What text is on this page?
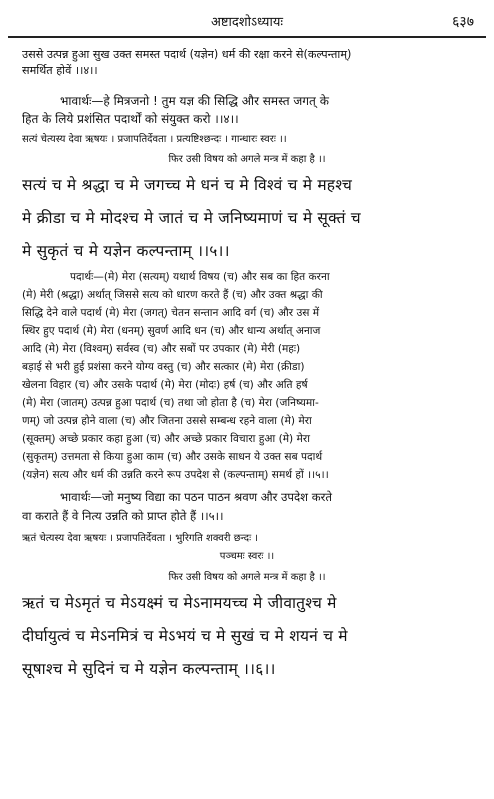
अष्टादशोऽध्यायः	६३७
उससे उत्पन्न हुआ सुख उक्त समस्त पदार्थ (यज्ञेन) धर्म की रक्षा करने से(कल्पन्ताम्)
समर्थित होवें ।।४।।
भावार्थः—हे मित्रजनो ! तुम यज्ञ की सिद्धि और समस्त जगत् के
हित के लिये प्रशंसित पदार्थों को संयुक्त करो ।।४।।
सत्यं चेत्यस्य देवा ऋषयः । प्रजापतिर्देवता । प्रत्यष्टिश्छन्दः । गान्धारः स्वरः ।।
फिर उसी विषय को अगले मन्त्र में कहा है ।।
सत्यं च मे श्रद्धा च मे जगच्च मे धनं च मे विश्वं च मे महश्च
मे क्रीडा च मे मोदश्च मे जातं च मे जनिष्यमाणं च मे सूक्तं च
मे सुकृतं च मे यज्ञेन कल्पन्ताम् ।।५।।
पदार्थः—(मे) मेरा (सत्यम्) यथार्थ विषय (च) और सब का हित करना
(मे) मेरी (श्रद्धा) अर्थात् जिससे सत्य को धारण करते हैं (च) और उक्त श्रद्धा की
सिद्धि देने वाले पदार्थ (मे) मेरा (जगत्) चेतन सन्तान आदि वर्ग (च) और उस में
स्थिर हुए पदार्थ (मे) मेरा (धनम्) सुवर्ण आदि धन (च) और धान्य अर्थात् अनाज
आदि (मे) मेरा (विश्वम्) सर्वस्व (च) और सबों पर उपकार (मे) मेरी (महः)
बड़ाई से भरी हुई प्रशंसा करने योग्य वस्तु (च) और सत्कार (मे) मेरा (क्रीडा)
खेलना विहार (च) और उसके पदार्थ (मे) मेरा (मोदः) हर्ष (च) और अति हर्ष
(मे) मेरा (जातम्) उत्पन्न हुआ पदार्थ (च) तथा जो होता है (च) मेरा (जनिष्यमा-
णम्) जो उत्पन्न होने वाला (च) और जितना उससे सम्बन्ध रहने वाला (मे) मेरा
(सूक्तम्) अच्छे प्रकार कहा हुआ (च) और अच्छे प्रकार विचारा हुआ (मे) मेरा
(सुकृतम्) उत्तमता से किया हुआ काम (च) और उसके साधन ये उक्त सब पदार्थ
(यज्ञेन) सत्य और धर्म की उन्नति करने रूप उपदेश से (कल्पन्ताम्) समर्थ हों ।।५।।
भावार्थः—जो मनुष्य विद्या का पठन पाठन श्रवण और उपदेश करते
वा कराते हैं वे नित्य उन्नति को प्राप्त होते हैं ।।५।।
ऋतं चेत्यस्य देवा ऋषयः । प्रजापतिर्देवता । भुरिगति शक्वरी छन्दः ।
पञ्चमः स्वरः ।।
फिर उसी विषय को अगले मन्त्र में कहा है ।।
ऋतं च मेऽमृतं च मेऽयक्ष्मं च मेऽनामयच्च मे जीवातुश्च मे
दीर्घायुत्वं च मेऽनमित्रं च मेऽभयं च मे सुखं च मे शयनं च मे
सूषाश्च मे सुदिनं च मे यज्ञेन कल्पन्ताम् ।।६।।
